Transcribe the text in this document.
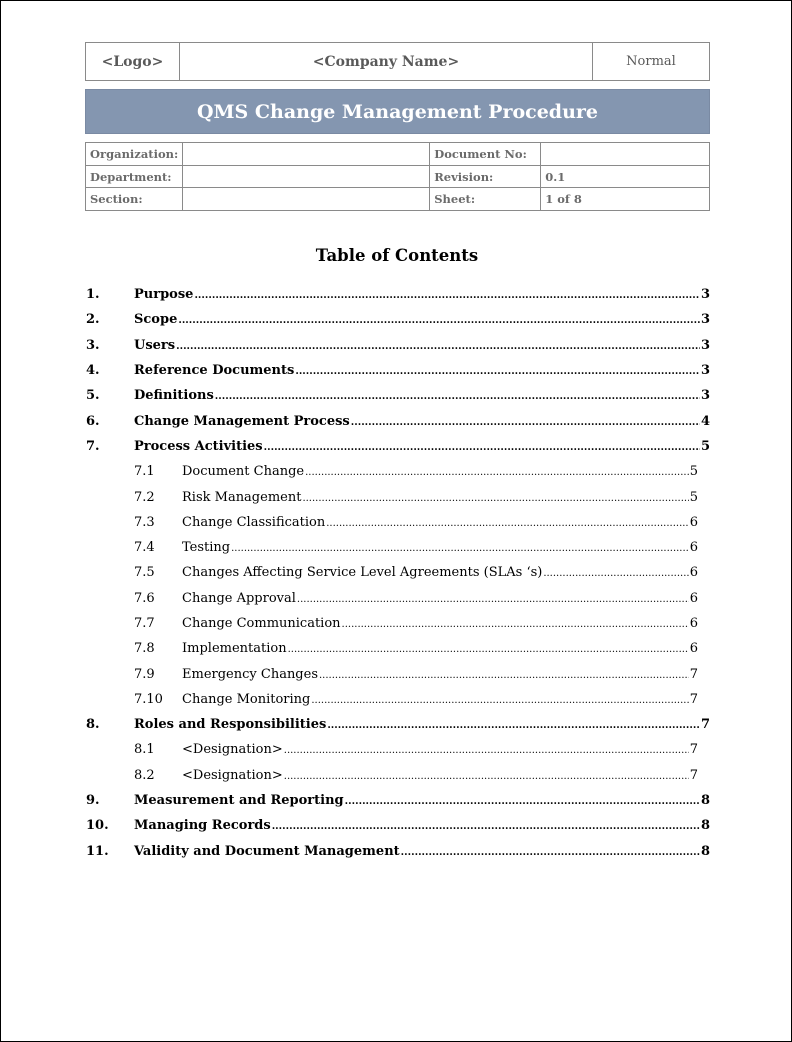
<Logo>	<Company Name>	Normal
QMS Change Management Procedure
Organization:		Document No:	
Department:		Revision:	0.1
Section:		Sheet:	1 of 8
Table of Contents
1.	Purpose .....	3
2.	Scope .....	3
3.	Users .....	3
4.	Reference Documents .....	3
5.	Definitions .....	3
6.	Change Management Process .....	4
7.	Process Activities .....	5
7.1 Document Change .....	5
7.2 Risk Management .....	5
7.3 Change Classification .....	6
7.4 Testing .....	6
7.5 Changes Affecting Service Level Agreements (SLAs ‘s) .....	6
7.6 Change Approval .....	6
7.7 Change Communication .....	6
7.8 Implementation .....	6
7.9 Emergency Changes .....	7
7.10 Change Monitoring .....	7
8.	Roles and Responsibilities .....	7
8.1 <Designation> .....	7
8.2 <Designation> .....	7
9.	Measurement and Reporting .....	8
10. Managing Records .....	8
11. Validity and Document Management .....	8
